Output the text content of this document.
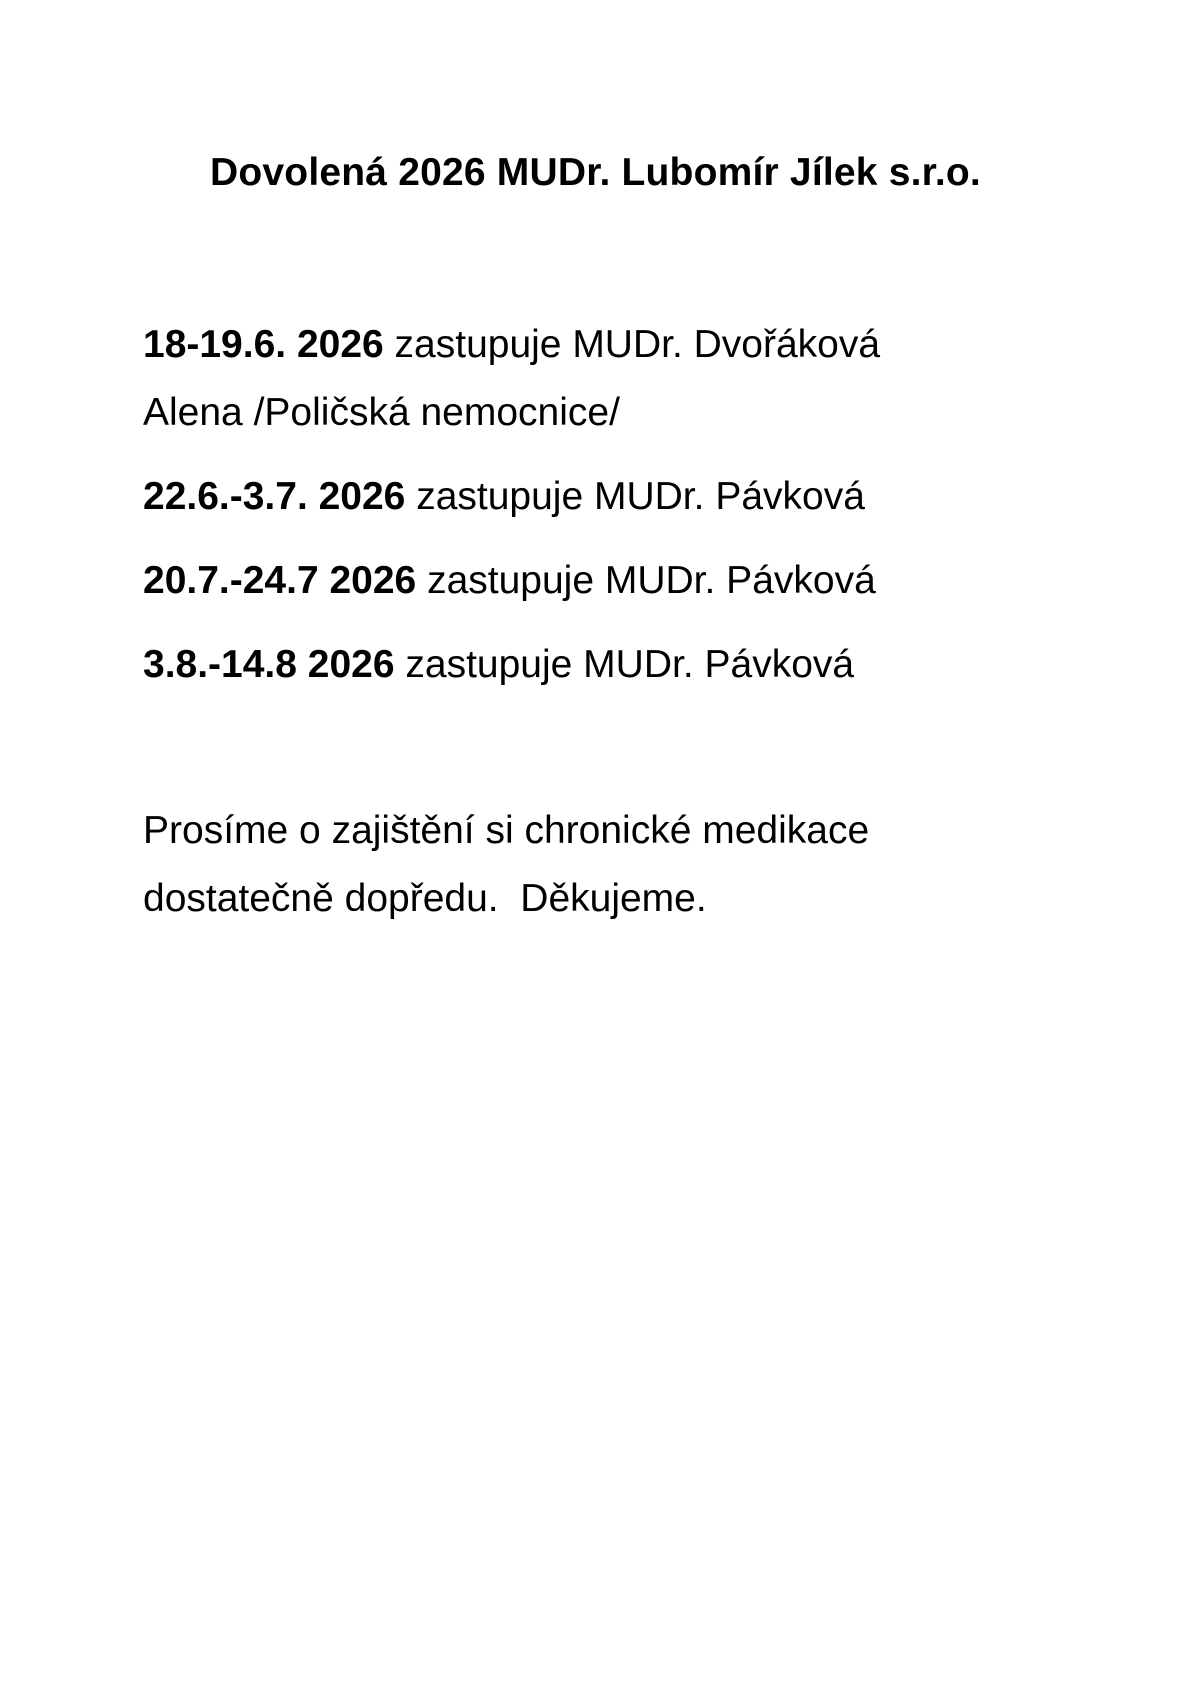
Dovolená 2026 MUDr. Lubomír Jílek s.r.o.

18-19.6. 2026 zastupuje MUDr. Dvořáková Alena /Poličská nemocnice/

22.6.-3.7. 2026 zastupuje MUDr. Pávková

20.7.-24.7 2026 zastupuje MUDr. Pávková

3.8.-14.8 2026 zastupuje MUDr. Pávková

Prosíme o zajištění si chronické medikace dostatečně dopředu.  Děkujeme.
